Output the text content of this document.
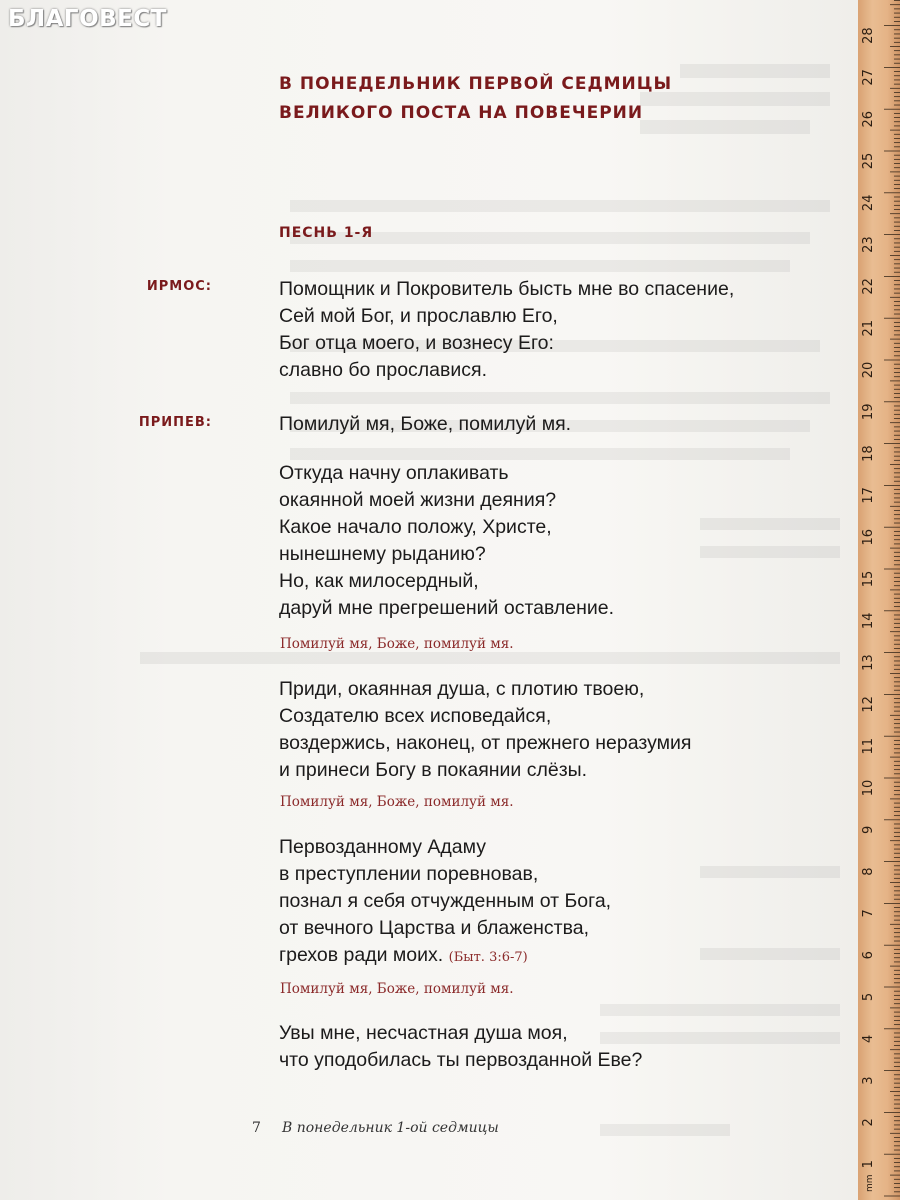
БЛАГОВЕСТ
В ПОНЕДЕЛЬНИК ПЕРВОЙ СЕДМИЦЫ
ВЕЛИКОГО ПОСТА НА ПОВЕЧЕРИИ
ПЕСНЬ 1-Я
ИРМОС:	Помощник и Покровитель бысть мне во спасение,
Сей мой Бог, и прославлю Его,
Бог отца моего, и вознесу Его:
славно бо прославися.
ПРИПЕВ:	Помилуй мя, Боже, помилуй мя.
Откуда начну оплакивать
окаянной моей жизни деяния?
Какое начало положу, Христе,
нынешнему рыданию?
Но, как милосердный,
даруй мне прегрешений оставление.
Помилуй мя, Боже, помилуй мя.
Приди, окаянная душа, с плотию твоею,
Создателю всех исповедайся,
воздержись, наконец, от прежнего неразумия
и принеси Богу в покаянии слёзы.
Помилуй мя, Боже, помилуй мя.
Первозданному Адаму
в преступлении поревновав,
познал я себя отчужденным от Бога,
от вечного Царства и блаженства,
грехов ради моих. (Быт. 3:6-7)
Помилуй мя, Боже, помилуй мя.
Увы мне, несчастная душа моя,
что уподобилась ты первозданной Еве?
7 В понедельник 1-ой седмицы
1
2
3
4
5
6
7
8
9
10
11
12
13
14
15
16
17
18
19
20
21
22
23
24
25
26
27
28
mm
